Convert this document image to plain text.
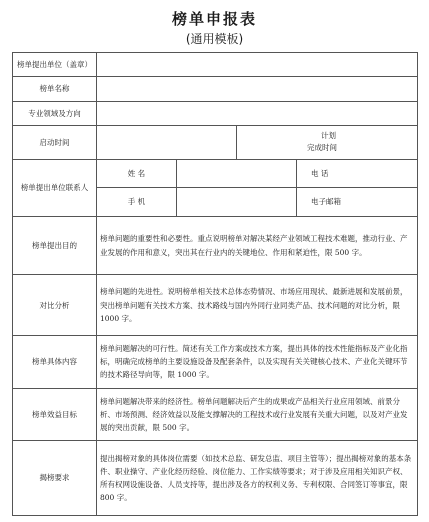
榜单申报表
(通用模板)
榜单提出单位（盖章）				
榜单名称				
专业领域及方向				
启动时间			计划
完成时间	

榜单提出单位联系人	姓 名			电 话
	手 机			电子邮箱
榜单提出目的	榜单问题的重要性和必要性。重点说明榜单对解决某经产业领域工程技术难题，推动行业、产业发展的作用和意义，突出其在行业内的关键地位、作用和紧迫性，限 500 字。			
对比分析	榜单问题的先进性。说明榜单相关技术总体态势情况、市场应用现状、最新进展和发展前景，突出榜单问题有关技术方案、技术路线与国内外同行业同类产品、技术问题的对比分析，限 1000 字。			
榜单具体内容	榜单问题解决的可行性。简述有关工作方案或技术方案，提出具体的技术性能指标及产业化指标，明确完成榜单的主要设施设备及配套条件，以及实现有关关键核心技术、产业化关键环节的技术路径导向等，限 1000 字。			
榜单效益目标	榜单问题解决带来的经济性。榜单问题解决后产生的成果或产品相关行业应用领域、前景分析、市场预测、经济效益以及能支撑解决的工程技术或行业发展有关重大问题，以及对产业发展的突出贡献，限 500 字。			
揭榜要求	提出揭榜对象的具体岗位需要（如技术总监、研发总监、项目主管等）；提出揭榜对象的基本条件、职业操守、产业化经历经验、岗位能力、工作实绩等要求；对于涉及应用相关知识产权、所有权网设施设备、人员支持等，提出涉及各方的权利义务、专利权限、合同签订等事宜，限 800 字。			
